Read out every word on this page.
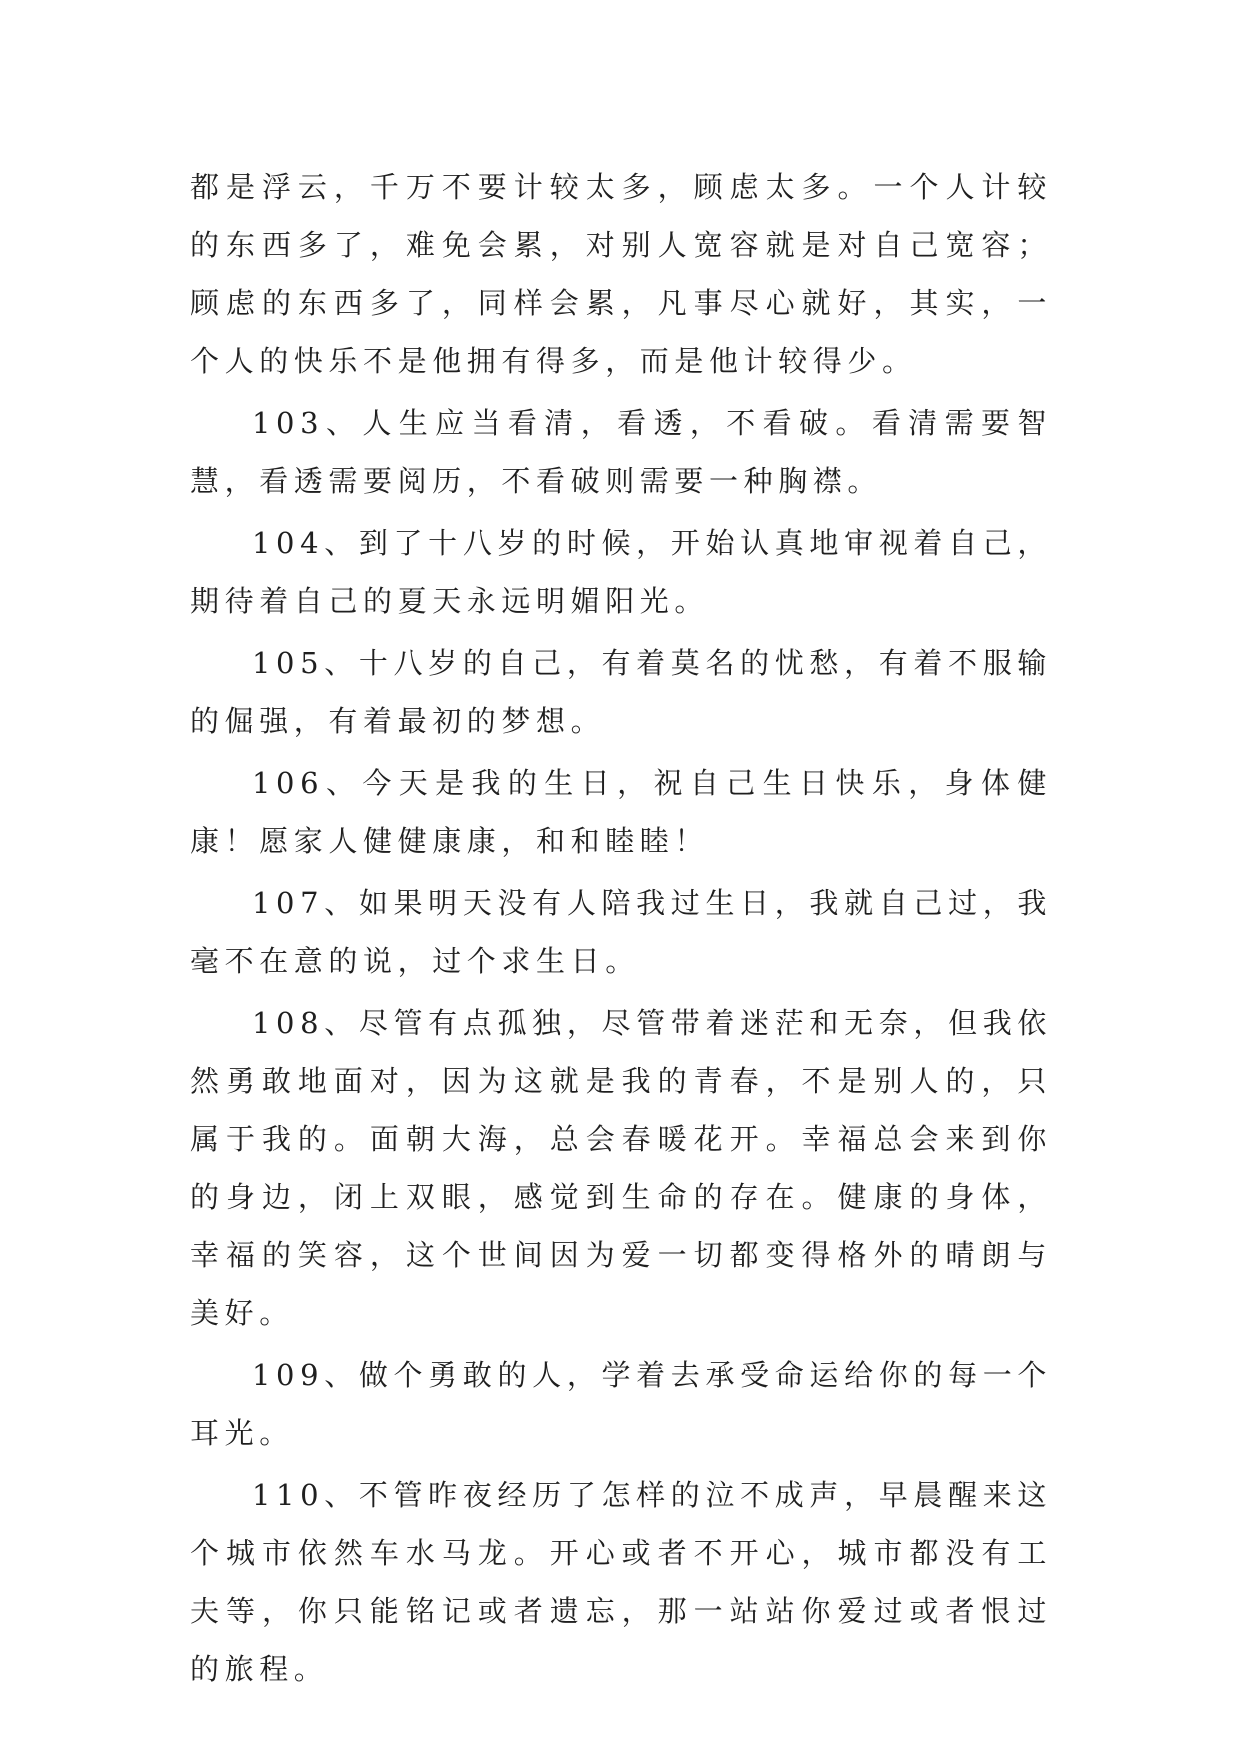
都是浮云，千万不要计较太多，顾虑太多。一个人计较的东西多了，难免会累，对别人宽容就是对自己宽容；顾虑的东西多了，同样会累，凡事尽心就好，其实，一个人的快乐不是他拥有得多，而是他计较得少。

103、人生应当看清，看透，不看破。看清需要智慧，看透需要阅历，不看破则需要一种胸襟。

104、到了十八岁的时候，开始认真地审视着自己，期待着自己的夏天永远明媚阳光。

105、十八岁的自己，有着莫名的忧愁，有着不服输的倔强，有着最初的梦想。

106、今天是我的生日，祝自己生日快乐，身体健康！愿家人健健康康，和和睦睦！

107、如果明天没有人陪我过生日，我就自己过，我毫不在意的说，过个求生日。

108、尽管有点孤独，尽管带着迷茫和无奈，但我依然勇敢地面对，因为这就是我的青春，不是别人的，只属于我的。面朝大海，总会春暖花开。幸福总会来到你的身边，闭上双眼，感觉到生命的存在。健康的身体，幸福的笑容，这个世间因为爱一切都变得格外的晴朗与美好。

109、做个勇敢的人，学着去承受命运给你的每一个耳光。

110、不管昨夜经历了怎样的泣不成声，早晨醒来这个城市依然车水马龙。开心或者不开心，城市都没有工夫等，你只能铭记或者遗忘，那一站站你爱过或者恨过的旅程。
